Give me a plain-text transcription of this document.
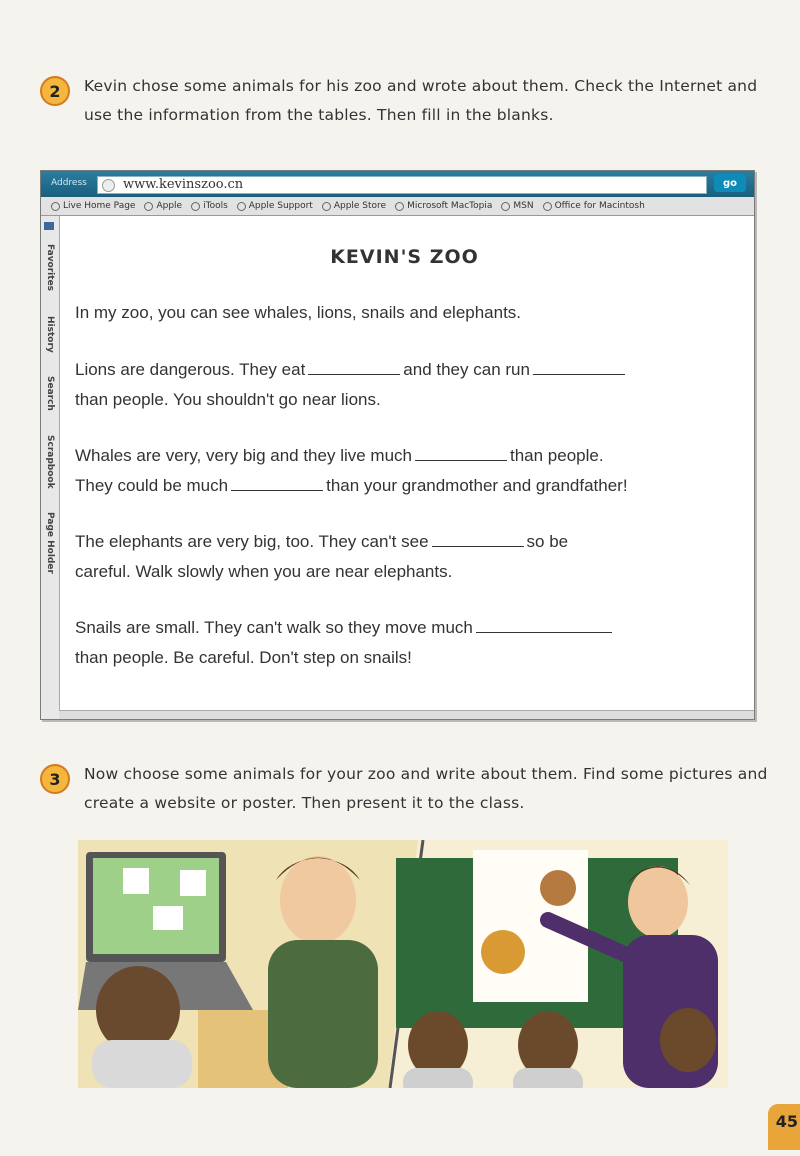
2	Kevin chose some animals for his zoo and wrote about them. Check the Internet and use the information from the tables. Then fill in the blanks.
Address	www.kevinszoo.cn	go
Live Home Page Apple iTools Apple Support Apple Store Microsoft MacTopia MSN Office for Macintosh
Favorites
History
Search
Scrapbook
Page Holder
KEVIN'S ZOO
In my zoo, you can see whales, lions, snails and elephants.
Lions are dangerous. They eat	and they can run
than people. You shouldn't go near lions.
Whales are very, very big and they live much	than people.
They could be much	than your grandmother and grandfather!
The elephants are very big, too. They can't see	so be
careful. Walk slowly when you are near elephants.
Snails are small. They can't walk so they move much
than people. Be careful. Don't step on snails!
3	Now choose some animals for your zoo and write about them. Find some pictures and create a website or poster. Then present it to the class.
45
